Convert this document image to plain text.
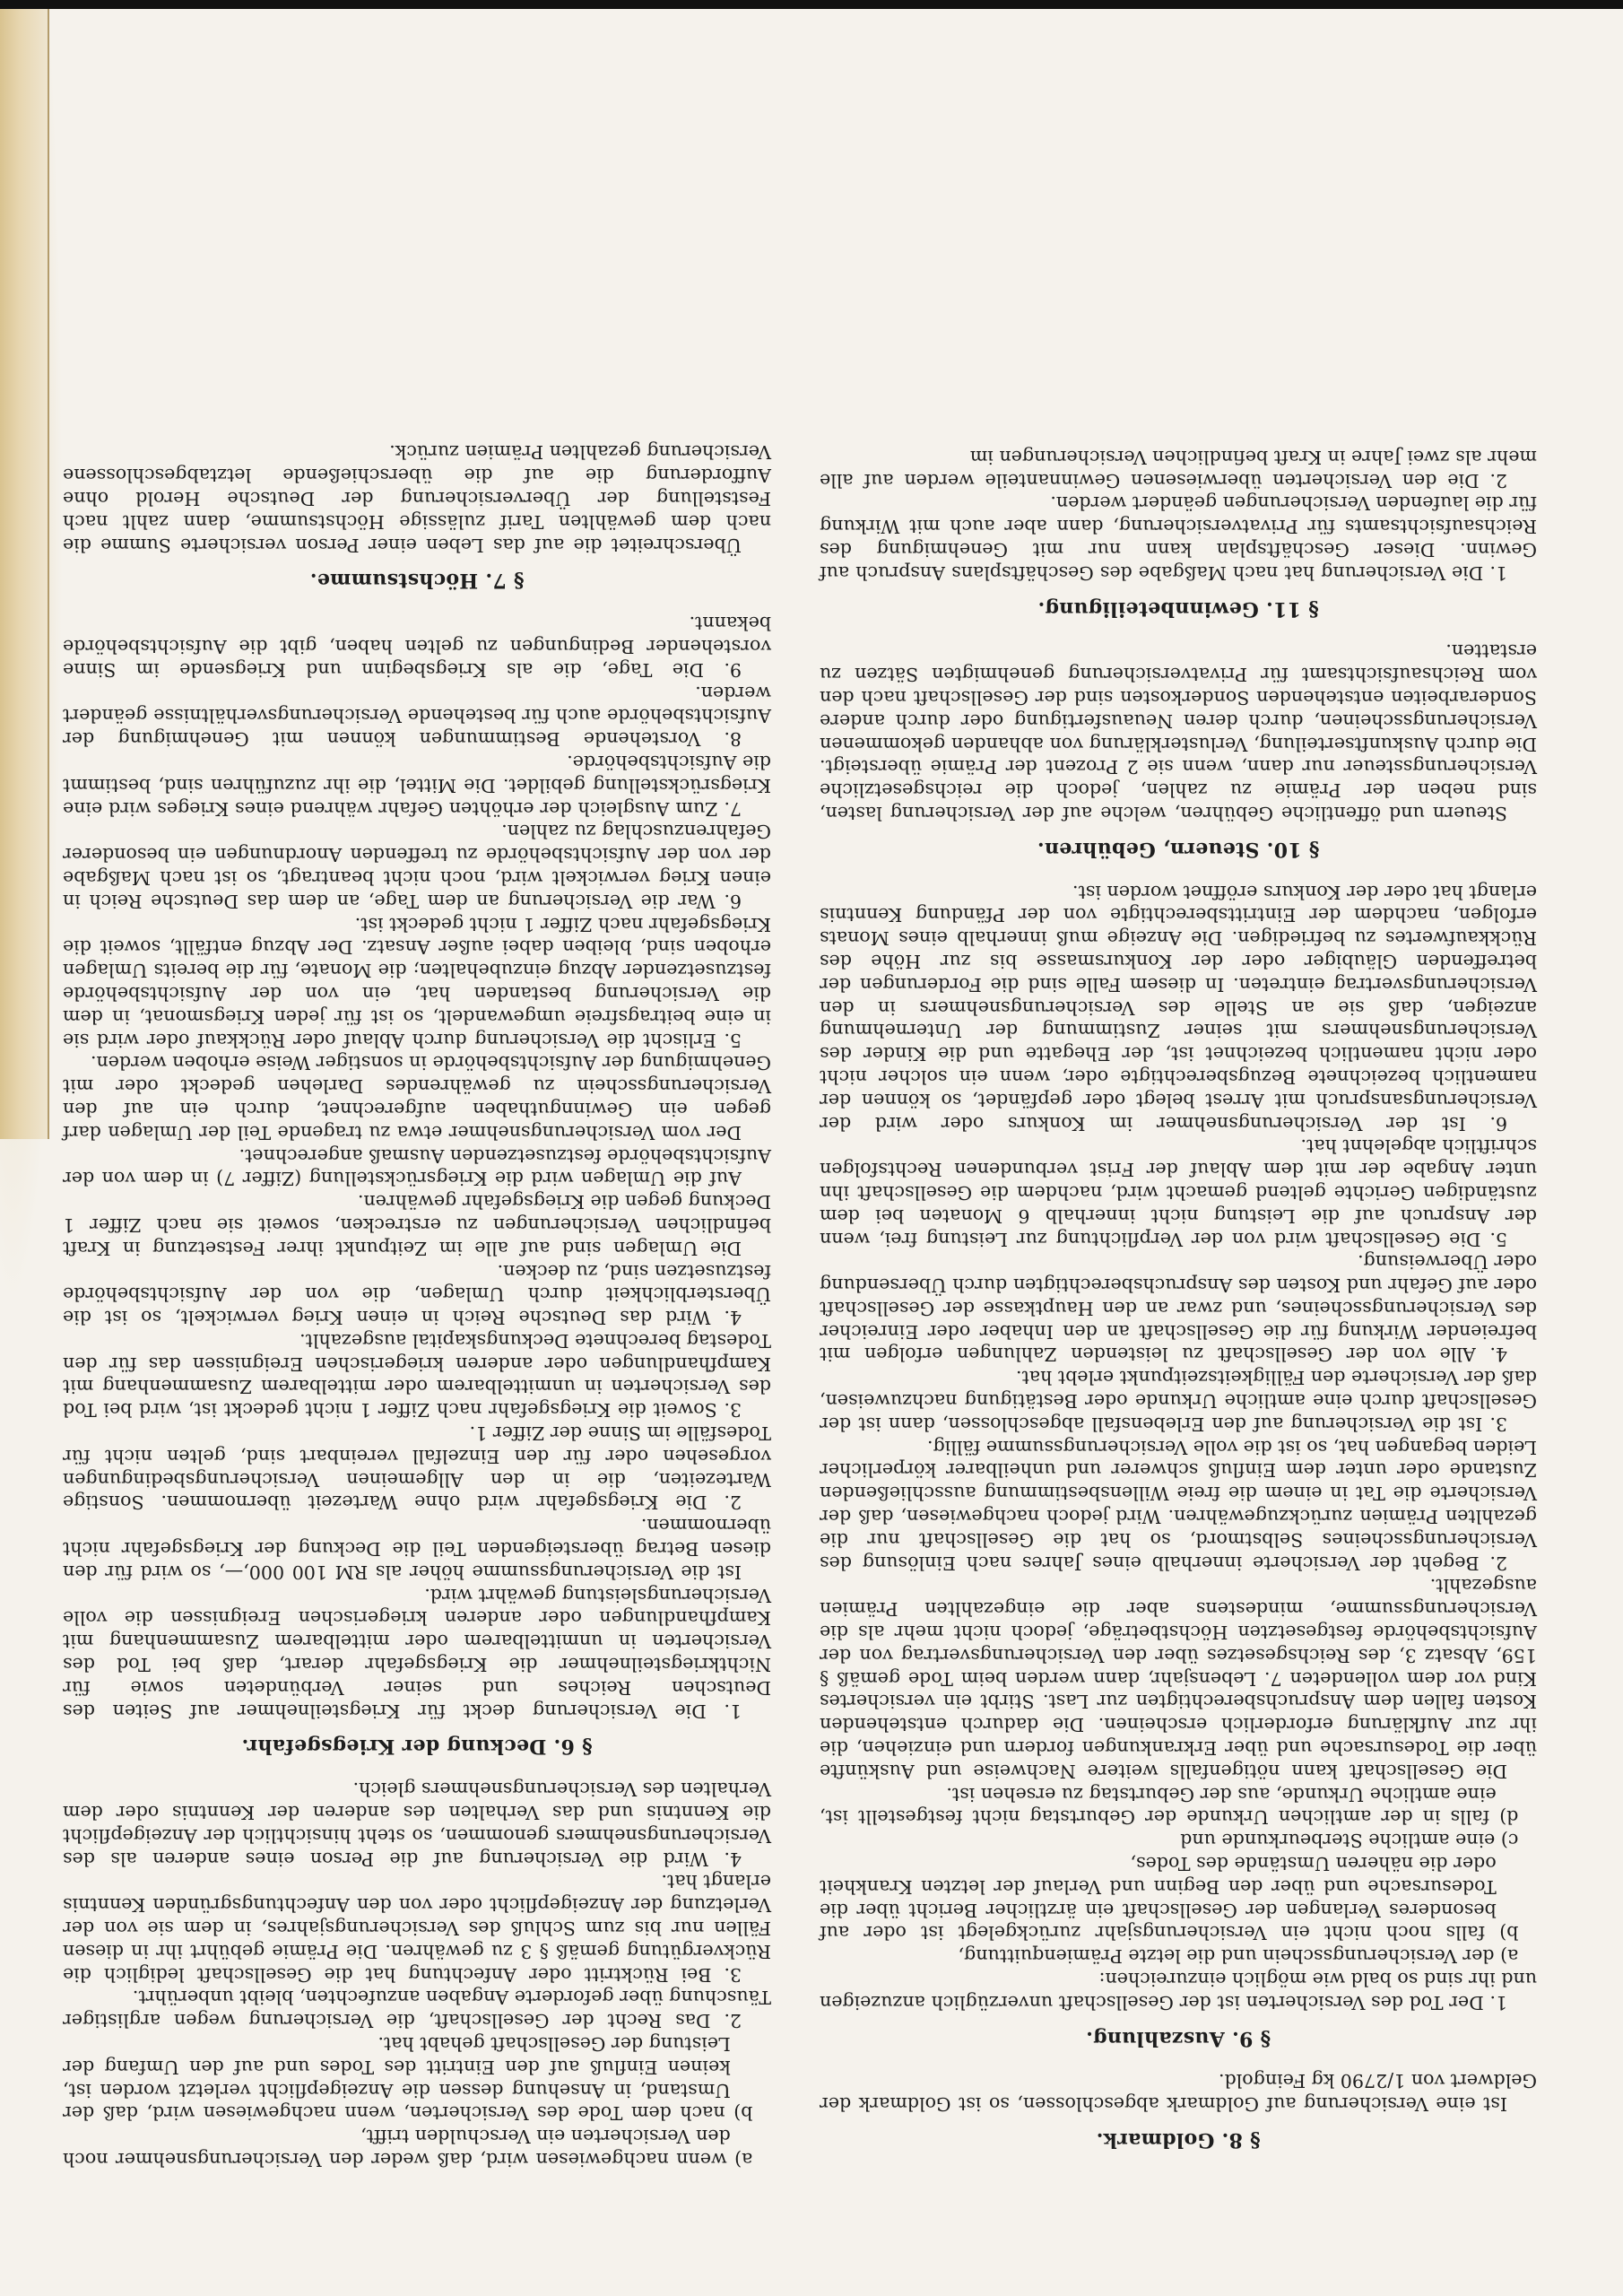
§ 8. Goldmark.

Ist eine Versicherung auf Goldmark abgeschlossen, so ist Goldmark der Geldwert von 1/2790 kg Feingold.

§ 9. Auszahlung.

1. Der Tod des Versicherten ist der Gesellschaft unverzüglich anzuzeigen und ihr sind so bald wie möglich einzureichen:

a) der Versicherungsschein und die letzte Prämienquittung,

b) falls noch nicht ein Versicherungsjahr zurückgelegt ist oder auf besonderes Verlangen der Gesellschaft ein ärztlicher Bericht über die Todesursache und über den Beginn und Verlauf der letzten Krankheit oder die näheren Umstände des Todes,

c) eine amtliche Sterbeurkunde und

d) falls in der amtlichen Urkunde der Geburtstag nicht festgestellt ist, eine amtliche Urkunde, aus der Geburtstag zu ersehen ist.

Die Gesellschaft kann nötigenfalls weitere Nachweise und Auskünfte über die Todesursache und über Erkrankungen fordern und einziehen, die ihr zur Aufklärung erforderlich erscheinen. Die dadurch entstehenden Kosten fallen dem Anspruchsberechtigten zur Last. Stirbt ein versichertes Kind vor dem vollendeten 7. Lebensjahr, dann werden beim Tode gemäß § 159, Absatz 3, des Reichsgesetzes über den Versicherungsvertrag von der Aufsichtsbehörde festgesetzten Höchstbeträge, jedoch nicht mehr als die Versicherungssumme, mindestens aber die eingezahlten Prämien ausgezahlt.

2. Begeht der Versicherte innerhalb eines Jahres nach Einlösung des Versicherungsscheines Selbstmord, so hat die Gesellschaft nur die gezahlten Prämien zurückzugewähren. Wird jedoch nachgewiesen, daß der Versicherte die Tat in einem die freie Willensbestimmung ausschließenden Zustande oder unter dem Einfluß schwerer und unheilbarer körperlicher Leiden begangen hat, so ist die volle Versicherungssumme fällig.

3. Ist die Versicherung auf den Erlebensfall abgeschlossen, dann ist der Gesellschaft durch eine amtliche Urkunde oder Bestätigung nachzuweisen, daß der Versicherte den Fälligkeitszeitpunkt erlebt hat.

4. Alle von der Gesellschaft zu leistenden Zahlungen erfolgen mit befreiender Wirkung für die Gesellschaft an den Inhaber oder Einreicher des Versicherungsscheines, und zwar an den Hauptkasse der Gesellschaft oder auf Gefahr und Kosten des Anspruchsberechtigten durch Übersendung oder Überweisung.

5. Die Gesellschaft wird von der Verpflichtung zur Leistung frei, wenn der Anspruch auf die Leistung nicht innerhalb 6 Monaten bei dem zuständigen Gerichte geltend gemacht wird, nachdem die Gesellschaft ihn unter Angabe der mit dem Ablauf der Frist verbundenen Rechtsfolgen schriftlich abgelehnt hat.

6. Ist der Versicherungsnehmer im Konkurs oder wird der Versicherungsanspruch mit Arrest belegt oder gepfändet, so können der namentlich bezeichnete Bezugsberechtigte oder, wenn ein solcher nicht oder nicht namentlich bezeichnet ist, der Ehegatte und die Kinder des Versicherungsnehmers mit seiner Zustimmung der Unternehmung anzeigen, daß sie an Stelle des Versicherungsnehmers in den Versicherungsvertrag eintreten. In diesem Falle sind die Forderungen der betreffenden Gläubiger oder der Konkursmasse bis zur Höhe des Rückkaufwertes zu befriedigen. Die Anzeige muß innerhalb eines Monats erfolgen, nachdem der Eintrittsberechtigte von der Pfändung Kenntnis erlangt hat oder der Konkurs eröffnet worden ist.

§ 10. Steuern, Gebühren.

Steuern und öffentliche Gebühren, welche auf der Versicherung lasten, sind neben der Prämie zu zahlen, jedoch die reichsgesetzliche Versicherungssteuer nur dann, wenn sie 2 Prozent der Prämie übersteigt. Die durch Auskunftserteilung, Verlusterklärung von abhanden gekommenen Versicherungsscheinen, durch deren Neuausfertigung oder durch andere Sonderarbeiten entstehenden Sonderkosten sind der Gesellschaft nach den vom Reichsaufsichtsamt für Privatversicherung genehmigten Sätzen zu erstatten.

§ 11. Gewinnbeteiligung.

1. Die Versicherung hat nach Maßgabe des Geschäftsplans Anspruch auf Gewinn. Dieser Geschäftsplan kann nur mit Genehmigung des Reichsaufsichtsamts für Privatversicherung, dann aber auch mit Wirkung für die laufenden Versicherungen geändert werden.

2. Die den Versicherten überwiesenen Gewinnanteile werden auf alle mehr als zwei Jahre in Kraft befindlichen Versicherungen im

a) wenn nachgewiesen wird, daß weder den Versicherungsnehmer noch den Versicherten ein Verschulden trifft,

b) nach dem Tode des Versicherten, wenn nachgewiesen wird, daß der Umstand, in Ansehung dessen die Anzeigepflicht verletzt worden ist, keinen Einfluß auf den Eintritt des Todes und auf den Umfang der Leistung der Gesellschaft gehabt hat.

2. Das Recht der Gesellschaft, die Versicherung wegen arglistiger Täuschung über geforderte Angaben anzufechten, bleibt unberührt.

3. Bei Rücktritt oder Anfechtung hat die Gesellschaft lediglich die Rückvergütung gemäß § 3 zu gewähren. Die Prämie gebührt ihr in diesen Fällen nur bis zum Schluß des Versicherungsjahres, in dem sie von der Verletzung der Anzeigepflicht oder von den Anfechtungsgründen Kenntnis erlangt hat.

4. Wird die Versicherung auf die Person eines anderen als des Versicherungsnehmers genommen, so steht hinsichtlich der Anzeigepflicht die Kenntnis und das Verhalten des anderen der Kenntnis oder dem Verhalten des Versicherungsnehmers gleich.

§ 6. Deckung der Kriegsgefahr.

1. Die Versicherung deckt für Kriegsteilnehmer auf Seiten des Deutschen Reiches und seiner Verbündeten sowie für Nichtkriegsteilnehmer die Kriegsgefahr derart, daß bei Tod des Versicherten in unmittelbarem oder mittelbarem Zusammenhang mit Kampfhandlungen oder anderen kriegerischen Ereignissen die volle Versicherungsleistung gewährt wird.

Ist die Versicherungssumme höher als RM 100 000,—, so wird für den diesen Betrag übersteigenden Teil die Deckung der Kriegsgefahr nicht übernommen.

2. Die Kriegsgefahr wird ohne Wartezeit übernommen. Sonstige Wartezeiten, die in den Allgemeinen Versicherungsbedingungen vorgesehen oder für den Einzelfall vereinbart sind, gelten nicht für Todesfälle im Sinne der Ziffer 1.

3. Soweit die Kriegsgefahr nach Ziffer 1 nicht gedeckt ist, wird bei Tod des Versicherten in unmittelbarem oder mittelbarem Zusammenhang mit Kampfhandlungen oder anderen kriegerischen Ereignissen das für den Todestag berechnete Deckungskapital ausgezahlt.

4. Wird das Deutsche Reich in einen Krieg verwickelt, so ist die Übersterblichkeit durch Umlagen, die von der Aufsichtsbehörde festzusetzen sind, zu decken.

Die Umlagen sind auf alle im Zeitpunkt ihrer Festsetzung in Kraft befindlichen Versicherungen zu erstrecken, soweit sie nach Ziffer 1 Deckung gegen die Kriegsgefahr gewähren.

Auf die Umlagen wird die Kriegsrückstellung (Ziffer 7) in dem von der Aufsichtsbehörde festzusetzenden Ausmaß angerechnet.

Der vom Versicherungsnehmer etwa zu tragende Teil der Umlagen darf gegen ein Gewinnguthaben aufgerechnet, durch ein auf den Versicherungsschein zu gewährendes Darlehen gedeckt oder mit Genehmigung der Aufsichtsbehörde in sonstiger Weise erhoben werden.

5. Erlischt die Versicherung durch Ablauf oder Rückkauf oder wird sie in eine beitragsfreie umgewandelt, so ist für jeden Kriegsmonat, in dem die Versicherung bestanden hat, ein von der Aufsichtsbehörde festzusetzender Abzug einzubehalten; die Monate, für die bereits Umlagen erhoben sind, bleiben dabei außer Ansatz. Der Abzug entfällt, soweit die Kriegsgefahr nach Ziffer 1 nicht gedeckt ist.

6. War die Versicherung an dem Tage, an dem das Deutsche Reich in einen Krieg verwickelt wird, noch nicht beantragt, so ist nach Maßgabe der von der Aufsichtsbehörde zu treffenden Anordnungen ein besonderer Gefahrenzuschlag zu zahlen.

7. Zum Ausgleich der erhöhten Gefahr während eines Krieges wird eine Kriegsrückstellung gebildet. Die Mittel, die ihr zuzuführen sind, bestimmt die Aufsichtsbehörde.

8. Vorstehende Bestimmungen können mit Genehmigung der Aufsichtsbehörde auch für bestehende Versicherungsverhältnisse geändert werden.

9. Die Tage, die als Kriegsbeginn und Kriegsende im Sinne vorstehender Bedingungen zu gelten haben, gibt die Aufsichtsbehörde bekannt.

§ 7. Höchstsumme.

Überschreitet die auf das Leben einer Person versicherte Summe die nach dem gewählten Tarif zulässige Höchstsumme, dann zahlt nach Feststellung der Überversicherung der Deutsche Herold ohne Aufforderung die auf die überschießende letztabgeschlossene Versicherung gezahlten Prämien zurück.
